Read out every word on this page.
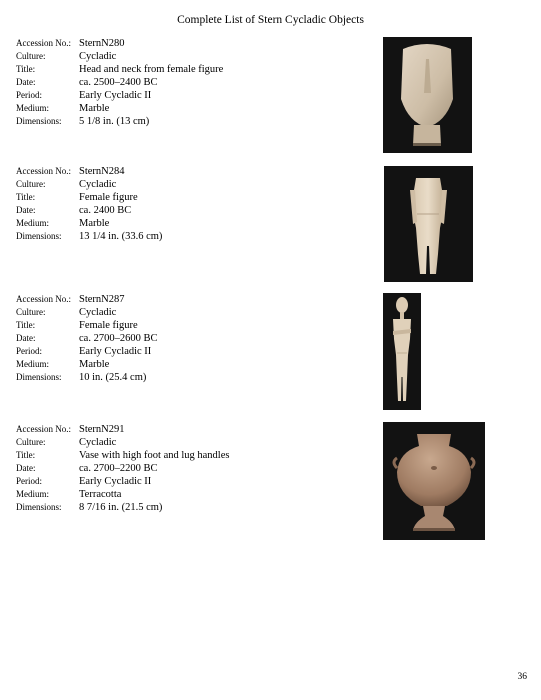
Complete List of Stern Cycladic Objects
Accession No.: SternN280
Culture:	Cycladic
Title:	Head and neck from female figure
Date:	ca. 2500–2400 BC
Period:	Early Cycladic II
Medium:	Marble
Dimensions:	5 1/8 in. (13 cm)
Accession No.: SternN284
Culture:	Cycladic
Title:	Female figure
Date:	ca. 2400 BC
Medium:	Marble
Dimensions:	13 1/4 in. (33.6 cm)
Accession No.: SternN287
Culture:	Cycladic
Title:	Female figure
Date:	ca. 2700–2600 BC
Period:	Early Cycladic II
Medium:	Marble
Dimensions:	10 in. (25.4 cm)
Accession No.: SternN291
Culture:	Cycladic
Title:	Vase with high foot and lug handles
Date:	ca. 2700–2200 BC
Period:	Early Cycladic II
Medium:	Terracotta
Dimensions:	8 7/16 in. (21.5 cm)
36
